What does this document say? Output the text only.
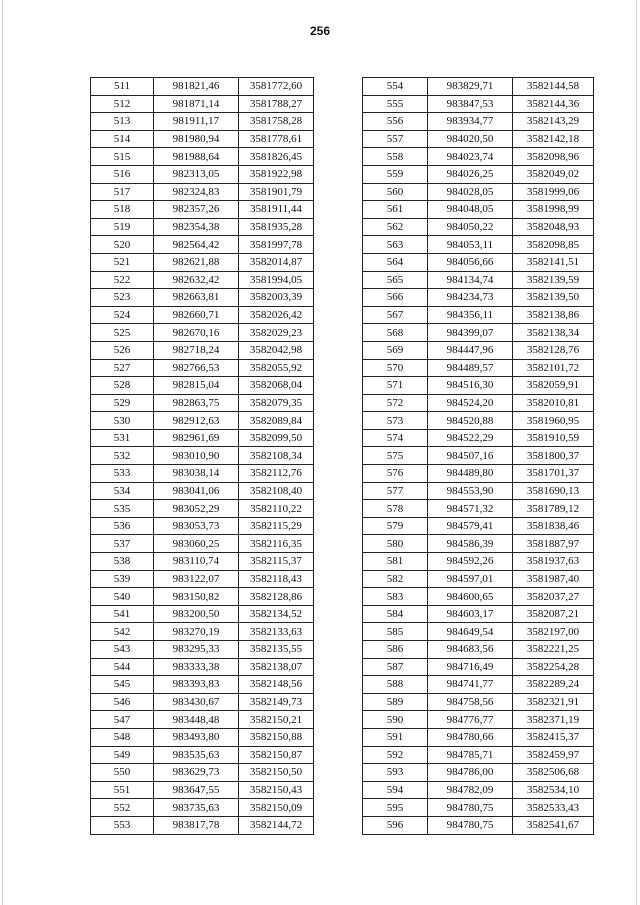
256
511	981821,46	3581772,60
512	981871,14	3581788,27
513	981911,17	3581758,28
514	981980,94	3581778,61
515	981988,64	3581826,45
516	982313,05	3581922,98
517	982324,83	3581901,79
518	982357,26	3581911,44
519	982354,38	3581935,28
520	982564,42	3581997,78
521	982621,88	3582014,87
522	982632,42	3581994,05
523	982663,81	3582003,39
524	982660,71	3582026,42
525	982670,16	3582029,23
526	982718,24	3582042,98
527	982766,53	3582055,92
528	982815,04	3582068,04
529	982863,75	3582079,35
530	982912,63	3582089,84
531	982961,69	3582099,50
532	983010,90	3582108,34
533	983038,14	3582112,76
534	983041,06	3582108,40
535	983052,29	3582110,22
536	983053,73	3582115,29
537	983060,25	3582116,35
538	983110,74	3582115,37
539	983122,07	3582118,43
540	983150,82	3582128,86
541	983200,50	3582134,52
542	983270,19	3582133,63
543	983295,33	3582135,55
544	983333,38	3582138,07
545	983393,83	3582148,56
546	983430,67	3582149,73
547	983448,48	3582150,21
548	983493,80	3582150,88
549	983535,63	3582150,87
550	983629,73	3582150,50
551	983647,55	3582150,43
552	983735,63	3582150,09
553	983817,78	3582144,72
554	983829,71	3582144,58
555	983847,53	3582144,36
556	983934,77	3582143,29
557	984020,50	3582142,18
558	984023,74	3582098,96
559	984026,25	3582049,02
560	984028,05	3581999,06
561	984048,05	3581998,99
562	984050,22	3582048,93
563	984053,11	3582098,85
564	984056,66	3582141,51
565	984134,74	3582139,59
566	984234,73	3582139,50
567	984356,11	3582138,86
568	984399,07	3582138,34
569	984447,96	3582128,76
570	984489,57	3582101,72
571	984516,30	3582059,91
572	984524,20	3582010,81
573	984520,88	3581960,95
574	984522,29	3581910,59
575	984507,16	3581800,37
576	984489,80	3581701,37
577	984553,90	3581690,13
578	984571,32	3581789,12
579	984579,41	3581838,46
580	984586,39	3581887,97
581	984592,26	3581937,63
582	984597,01	3581987,40
583	984600,65	3582037,27
584	984603,17	3582087,21
585	984649,54	3582197,00
586	984683,56	3582221,25
587	984716,49	3582254,28
588	984741,77	3582289,24
589	984758,56	3582321,91
590	984776,77	3582371,19
591	984780,66	3582415,37
592	984785,71	3582459,97
593	984786,00	3582506,68
594	984782,09	3582534,10
595	984780,75	3582533,43
596	984780,75	3582541,67
